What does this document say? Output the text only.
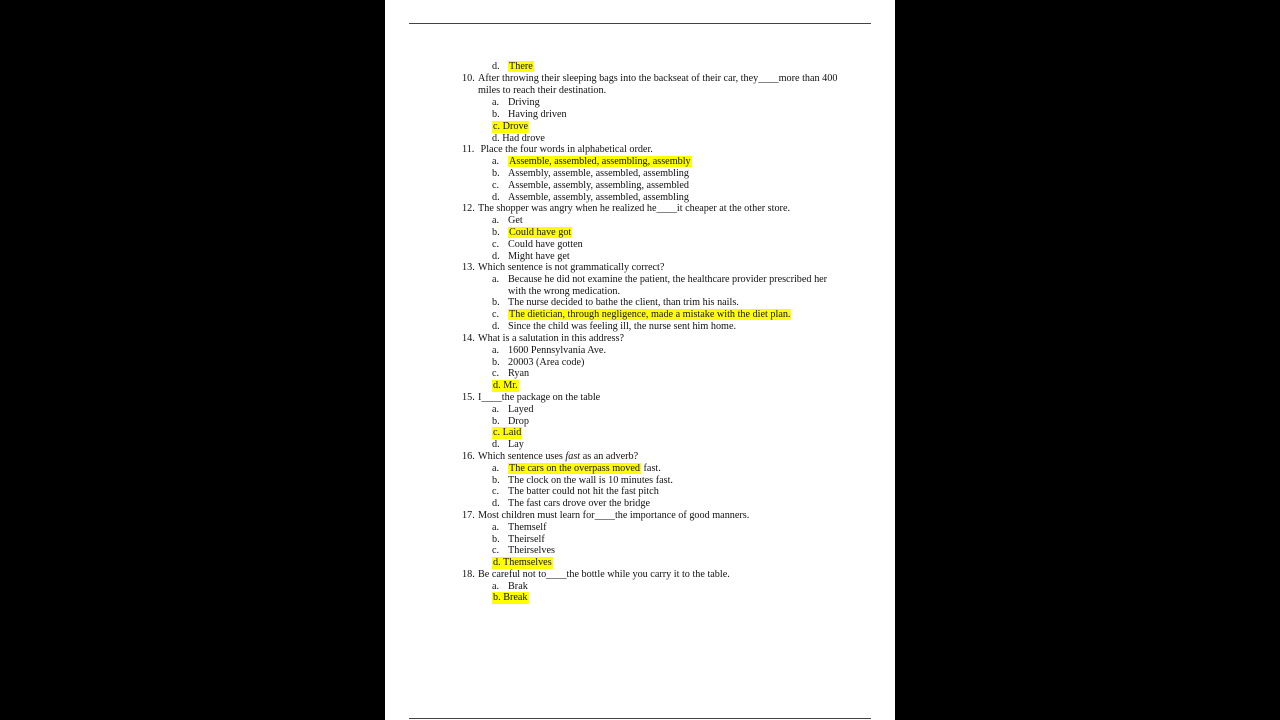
d. There
10. After throwing their sleeping bags into the backseat of their car, they____more than 400
miles to reach their destination.
a. Driving
b. Having driven
c. Drove
d. Had drove
11. Place the four words in alphabetical order.
a. Assemble, assembled, assembling, assembly
b. Assembly, assemble, assembled, assembling
c. Assemble, assembly, assembling, assembled
d. Assemble, assembly, assembled, assembling
12. The shopper was angry when he realized he____it cheaper at the other store.
a. Get
b. Could have got
c. Could have gotten
d. Might have get
13. Which sentence is not grammatically correct?
a. Because he did not examine the patient, the healthcare provider prescribed her
with the wrong medication.
b. The nurse decided to bathe the client, than trim his nails.
c. The dietician, through negligence, made a mistake with the diet plan.
d. Since the child was feeling ill, the nurse sent him home.
14. What is a salutation in this address?
a. 1600 Pennsylvania Ave.
b. 20003 (Area code)
c. Ryan
d. Mr.
15. I____the package on the table
a. Layed
b. Drop
c. Laid
d. Lay
16. Which sentence uses fast as an adverb?
a. The cars on the overpass moved fast.
b. The clock on the wall is 10 minutes fast.
c. The batter could not hit the fast pitch
d. The fast cars drove over the bridge
17. Most children must learn for____the importance of good manners.
a. Themself
b. Theirself
c. Theirselves
d. Themselves
18. Be careful not to____the bottle while you carry it to the table.
a. Brak
b. Break
